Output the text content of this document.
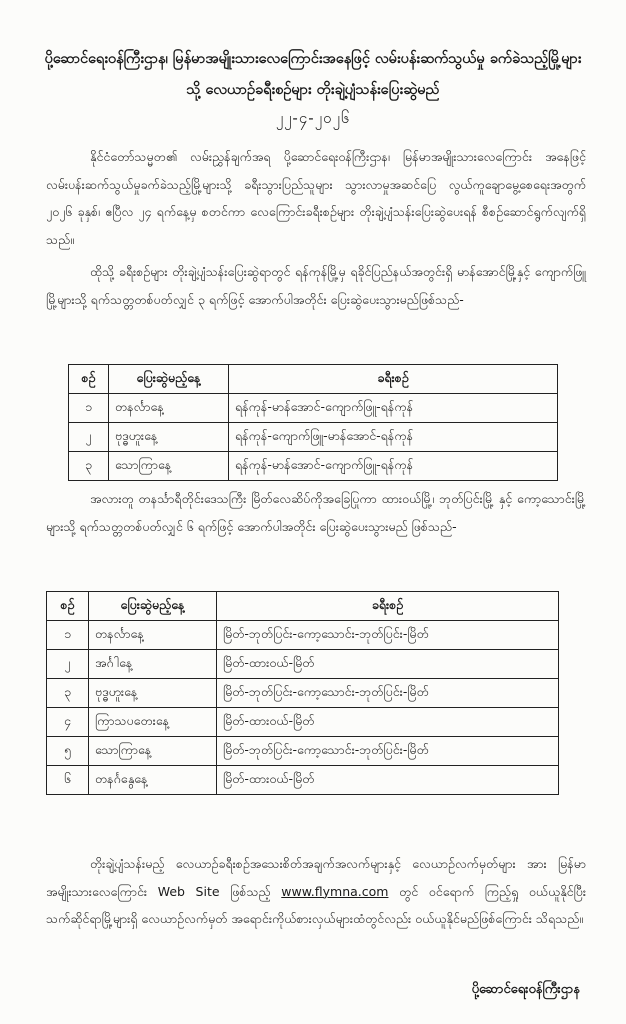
ပို့ဆောင်ရေးဝန်ကြီးဌာန၊ မြန်မာအမျိုးသားလေကြောင်းအနေဖြင့် လမ်းပန်းဆက်သွယ်မှု ခက်ခဲသည့်မြို့များသို့ လေယာဉ်ခရီးစဉ်များ တိုးချဲ့ပျံသန်းပြေးဆွဲမည်
၂၂-၄-၂၀၂၆

နိုင်ငံတော်သမ္မတ၏ လမ်းညွှန်ချက်အရ ပို့ဆောင်ရေးဝန်ကြီးဌာန၊ မြန်မာအမျိုးသားလေကြောင်း အနေဖြင့် လမ်းပန်းဆက်သွယ်မှုခက်ခဲသည့်မြို့များသို့ ခရီးသွားပြည်သူများ သွားလာမှုအဆင်ပြေ လွယ်ကူချောမွေ့စေရေးအတွက် ၂၀၂၆ ခုနှစ်၊ ဧပြီလ ၂၄ ရက်နေ့မှ စတင်ကာ လေကြောင်းခရီးစဉ်များ တိုးချဲ့ပျံသန်းပြေးဆွဲပေးရန် စီစဉ်ဆောင်ရွက်လျက်ရှိသည်။

ထိုသို့ ခရီးစဉ်များ တိုးချဲ့ပျံသန်းပြေးဆွဲရာတွင် ရန်ကုန်မြို့မှ ရခိုင်ပြည်နယ်အတွင်းရှိ မာန်အောင်မြို့နှင့် ကျောက်ဖြူမြို့များသို့ ရက်သတ္တတစ်ပတ်လျှင် ၃ ရက်ဖြင့် အောက်ပါအတိုင်း ပြေးဆွဲပေးသွားမည်ဖြစ်သည်-

စဉ်	ပြေးဆွဲမည့်နေ့	ခရီးစဉ်
၁	တနင်္လာနေ့	ရန်ကုန်-မာန်အောင်-ကျောက်ဖြူ-ရန်ကုန်
၂	ဗုဒ္ဓဟူးနေ့	ရန်ကုန်-ကျောက်ဖြူ-မာန်အောင်-ရန်ကုန်
၃	သောကြာနေ့	ရန်ကုန်-မာန်အောင်-ကျောက်ဖြူ-ရန်ကုန်

အလားတူ တနင်္သာရီတိုင်းဒေသကြီး မြိတ်လေဆိပ်ကိုအခြေပြုကာ ထားဝယ်မြို့၊ ဘုတ်ပြင်းမြို့ နှင့် ကော့သောင်းမြို့များသို့ ရက်သတ္တတစ်ပတ်လျှင် ၆ ရက်ဖြင့် အောက်ပါအတိုင်း ပြေးဆွဲပေးသွားမည် ဖြစ်သည်-

စဉ်	ပြေးဆွဲမည့်နေ့	ခရီးစဉ်
၁	တနင်္လာနေ့	မြိတ်-ဘုတ်ပြင်း-ကော့သောင်း-ဘုတ်ပြင်း-မြိတ်
၂	အင်္ဂါနေ့	မြိတ်-ထားဝယ်-မြိတ်
၃	ဗုဒ္ဓဟူးနေ့	မြိတ်-ဘုတ်ပြင်း-ကော့သောင်း-ဘုတ်ပြင်း-မြိတ်
၄	ကြာသပတေးနေ့	မြိတ်-ထားဝယ်-မြိတ်
၅	သောကြာနေ့	မြိတ်-ဘုတ်ပြင်း-ကော့သောင်း-ဘုတ်ပြင်း-မြိတ်
၆	တနင်္ဂနွေနေ့	မြိတ်-ထားဝယ်-မြိတ်

တိုးချဲ့ပျံသန်းမည့် လေယာဉ်ခရီးစဉ်အသေးစိတ်အချက်အလက်များနှင့် လေယာဉ်လက်မှတ်များ အား မြန်မာအမျိုးသားလေကြောင်း Web Site ဖြစ်သည့် www.flymna.com တွင် ဝင်ရောက် ကြည့်ရှု ဝယ်ယူနိုင်ပြီး သက်ဆိုင်ရာမြို့များရှိ လေယာဉ်လက်မှတ် အရောင်းကိုယ်စားလှယ်များထံတွင်လည်း ဝယ်ယူနိုင်မည်ဖြစ်ကြောင်း သိရသည်။

ပို့ဆောင်ရေးဝန်ကြီးဌာန
